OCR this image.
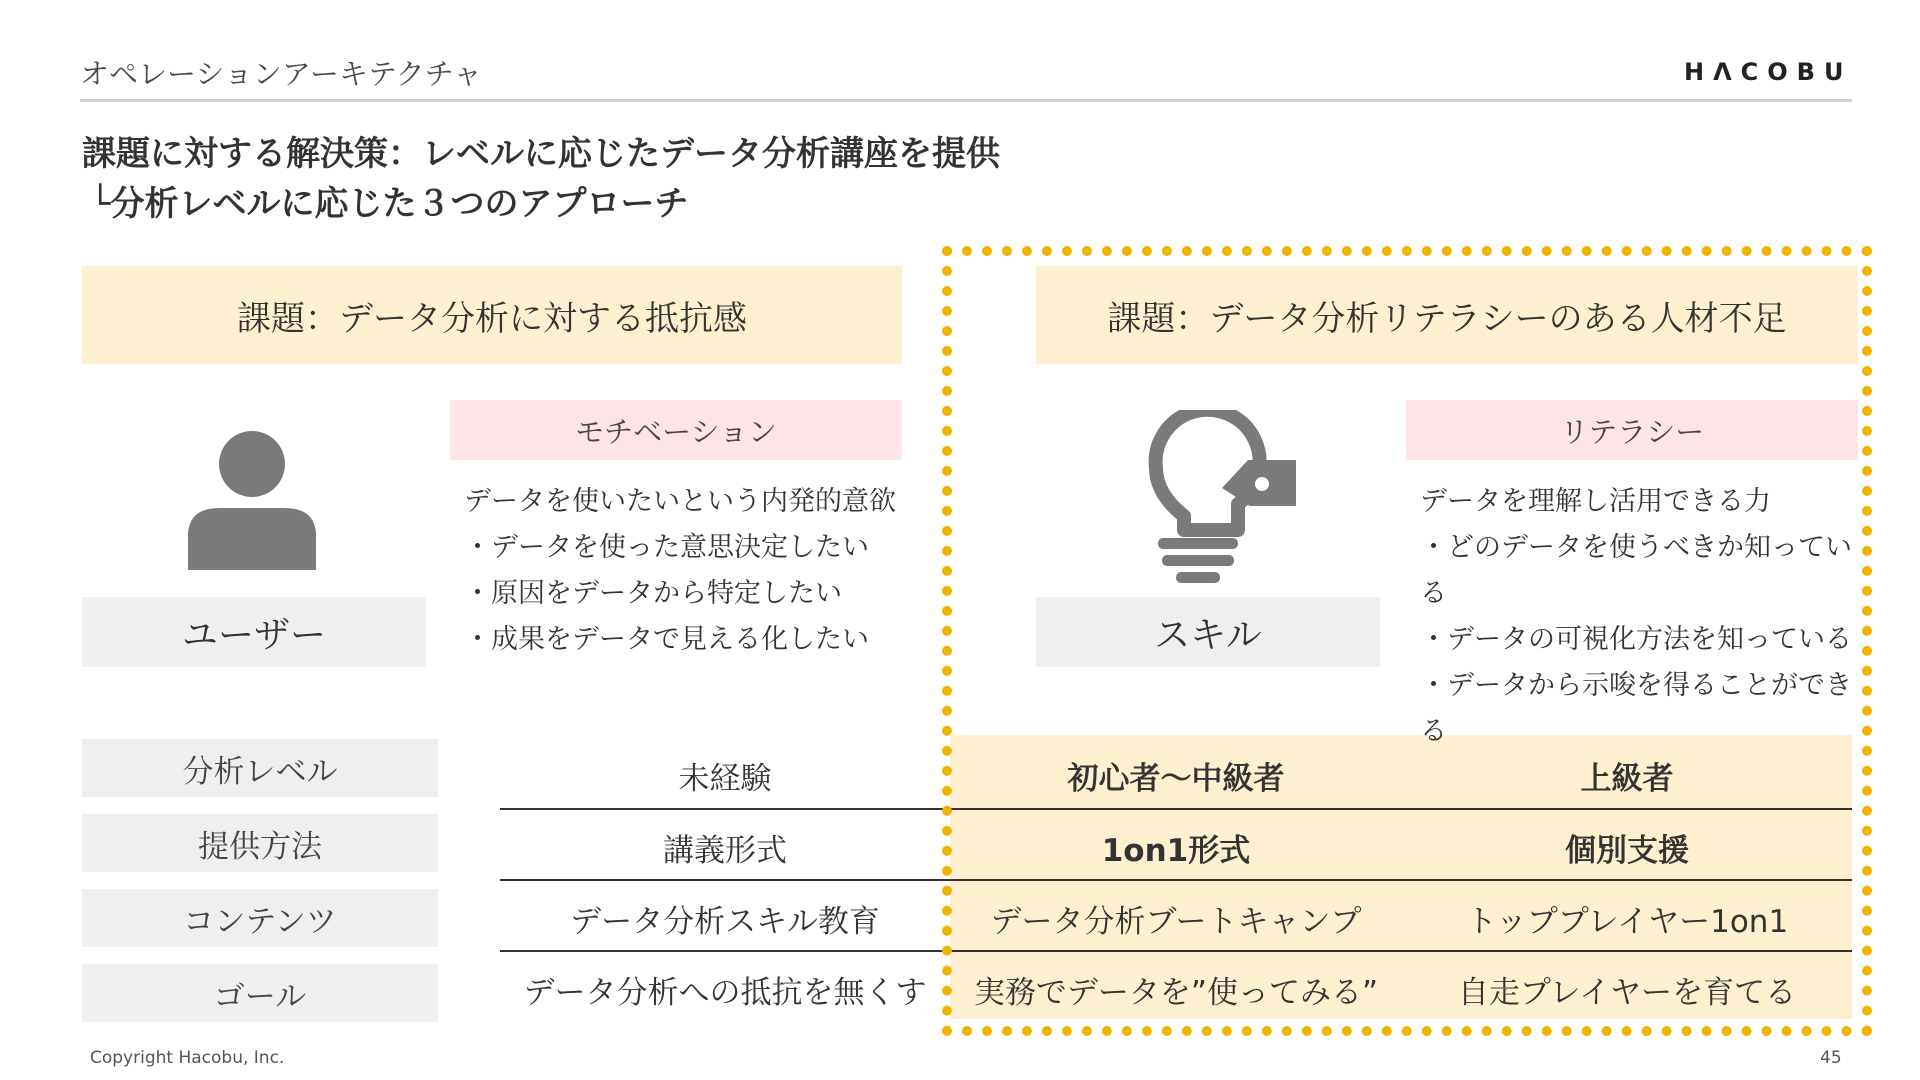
オペレーションアーキテクチャ	HΛCOBU
課題に対する解決策：レベルに応じたデータ分析講座を提供
└分析レベルに応じた３つのアプローチ
課題：データ分析に対する抵抗感
ユーザー
モチベーション
データを使いたいという内発的意欲
・データを使った意思決定したい
・原因をデータから特定したい
・成果をデータで見える化したい
課題：データ分析リテラシーのある人材不足
スキル
リテラシー
データを理解し活用できる力
・どのデータを使うべきか知っている
・データの可視化方法を知っている
・データから示唆を得ることができる
分析レベル
提供方法
コンテンツ
ゴール
未経験
講義形式
データ分析スキル教育
データ分析への抵抗を無くす
初心者～中級者
1on1形式
データ分析ブートキャンプ
実務でデータを”使ってみる”
上級者
個別支援
トッププレイヤー1on1
自走プレイヤーを育てる
Copyright Hacobu, Inc.	45
